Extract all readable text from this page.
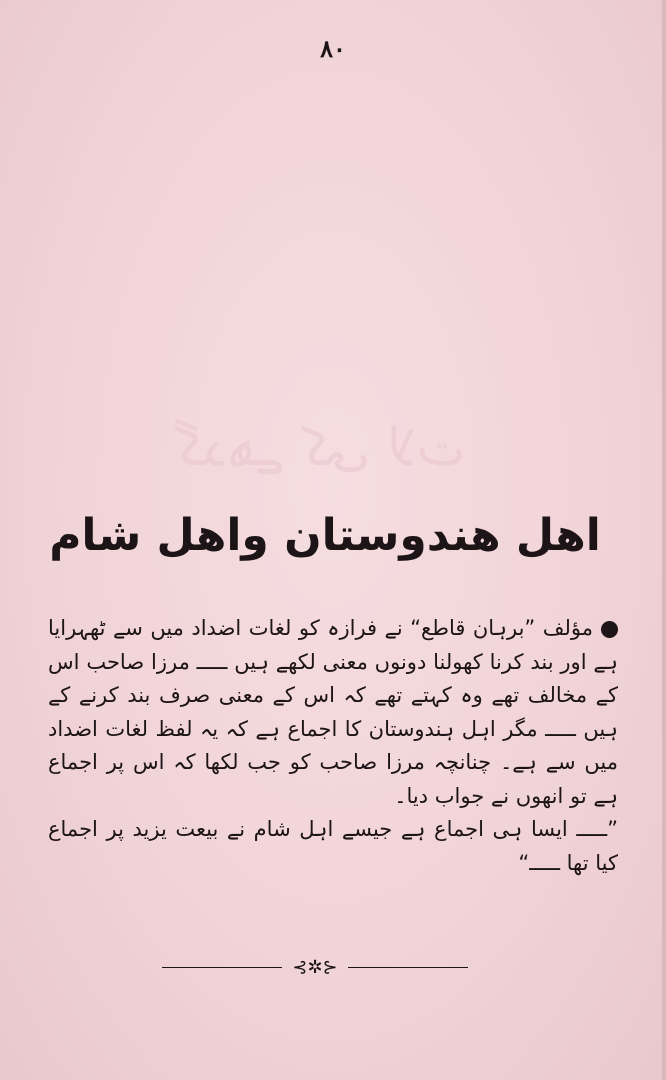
۸۰
گدھے کی لات
اھل ھندوستان واھل شام

مؤلف ”برہان قاطع“ نے فرازہ کو لغات اضداد میں سے ٹھہرایا ہے اور بند کرنا کھولنا دونوں معنی لکھے ہیں ـــــ مرزا صاحب اس کے مخالف تھے وہ کہتے تھے کہ اس کے معنی صرف بند کرنے کے ہیں ـــــ مگر اہل ہندوستان کا اجماع ہے کہ یہ لفظ لغات اضداد میں سے ہے۔ چنانچہ مرزا صاحب کو جب لکھا کہ اس پر اجماع ہے تو انھوں نے جواب دیا۔

”ـــــ ایسا ہی اجماع ہے جیسے اہل شام نے بیعت یزید پر اجماع کیا تھا ـــــ“

⊰✲⊱
